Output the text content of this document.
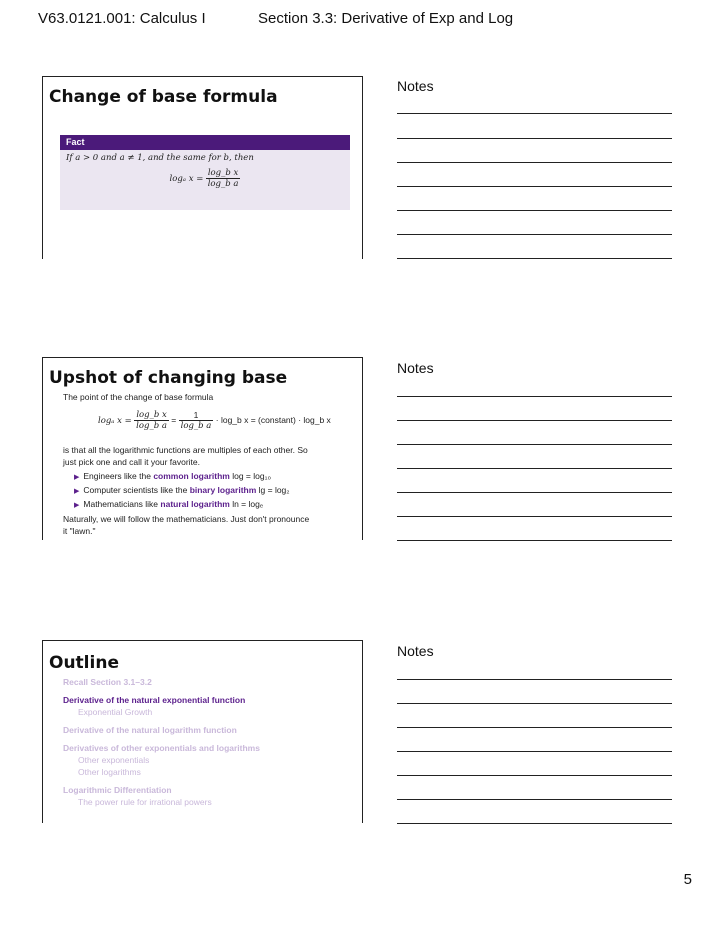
V63.0121.001: Calculus I	Section 3.3: Derivative of Exp and Log
Change of base formula
Fact
If a > 0 and a ≠ 1, and the same for b, then
logₐ $x = \frac{\text{log\_b x}}{\text{log\_b a}}$
Notes
Upshot of changing base
The point of the change of base formula
logₐ $x = \frac{\text{log\_b x}}{\text{log\_b a}} = \frac{1}{\text{log\_b a}}$ · log_b x = (constant) · log_b x
is that all the logarithmic functions are multiples of each other. So
just pick one and call it your favorite.
▶ Engineers like the common logarithm log = log₁₀
▶ Computer scientists like the binary logarithm lg = log₂
▶ Mathematicians like natural logarithm ln = logₑ
Naturally, we will follow the mathematicians. Just don't pronounce
it "lawn."
Notes
Outline
Recall Section 3.1–3.2
Derivative of the natural exponential function
Exponential Growth
Derivative of the natural logarithm function
Derivatives of other exponentials and logarithms
Other exponentials
Other logarithms
Logarithmic Differentiation
The power rule for irrational powers
Notes
5
